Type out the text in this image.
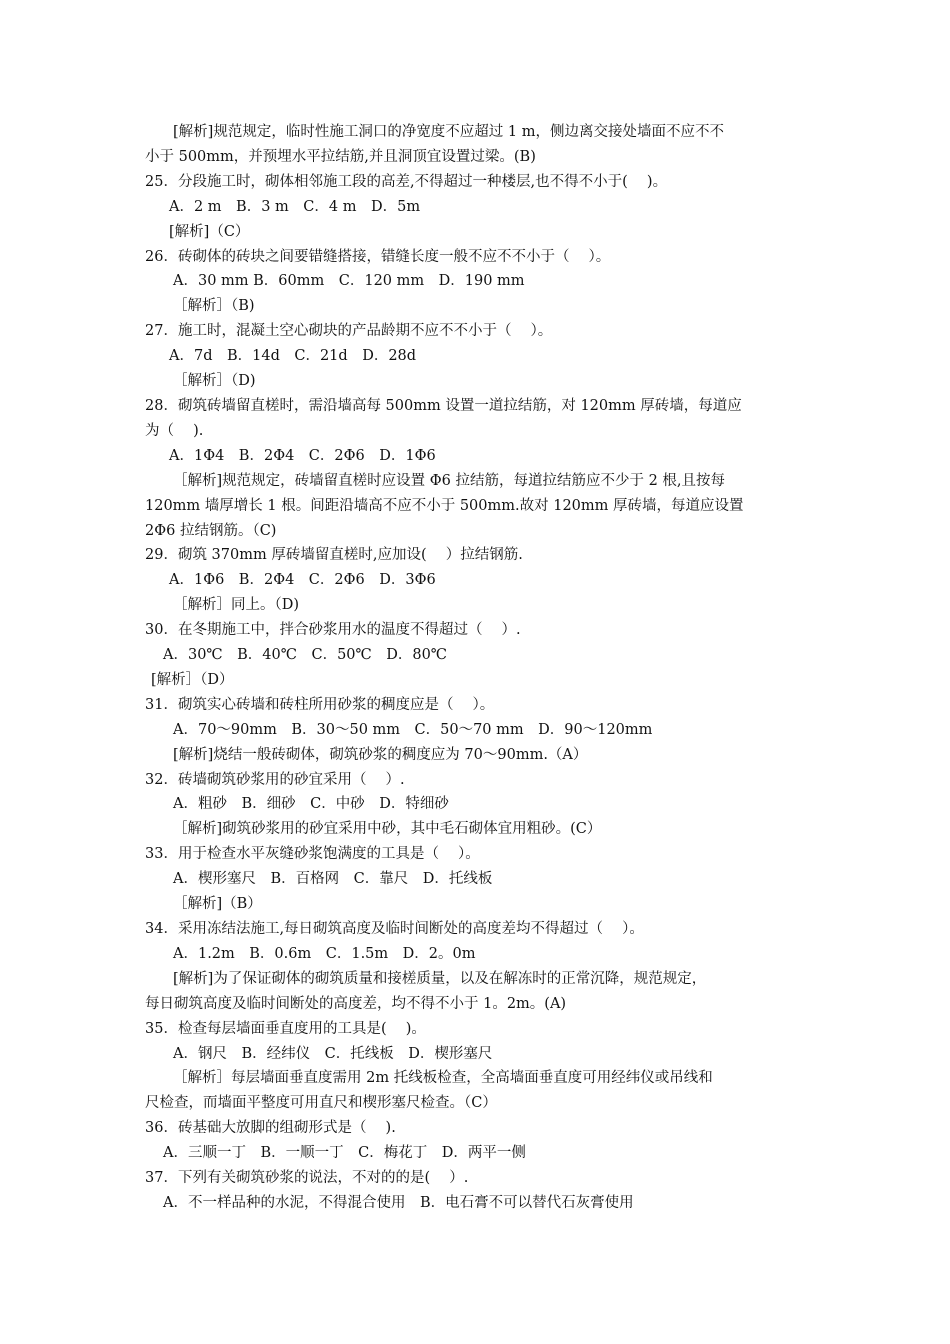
[解析]规范规定，临时性施工洞口的净宽度不应超过 1 m，侧边离交接处墙面不应不不
小于 500mm，并预埋水平拉结筋,并且洞顶宜设置过梁。(B)
25．分段施工时，砌体相邻施工段的高差,不得超过一种楼层,也不得不小于(　 )。
A．2 m　B．3 m　C．4 m　D．5m
[解析]（C）
26．砖砌体的砖块之间要错缝搭接，错缝长度一般不应不不小于（　 ）。
A．30 mm B．60mm　C．120 mm　D．190 mm
［解析］（B)
27．施工时，混凝土空心砌块的产品龄期不应不不小于（　 ）。
A．7d　B．14d　C．21d　D．28d
［解析］（D)
28．砌筑砖墙留直槎时，需沿墙高每 500mm 设置一道拉结筋，对 120mm 厚砖墙，每道应
为（　 ).
A．1Φ4　B．2Φ4　C．2Φ6　D．1Φ6
［解析]规范规定，砖墙留直槎时应设置 Φ6 拉结筋，每道拉结筋应不少于 2 根,且按每
120mm 墙厚增长 1 根。间距沿墙高不应不小于 500mm.故对 120mm 厚砖墙，每道应设置
2Φ6 拉结钢筋。（C)
29．砌筑 370mm 厚砖墙留直槎时,应加设(　 ）拉结钢筋.
A．1Φ6　B．2Φ4　C．2Φ6　D．3Φ6
［解析］同上。（D)
30．在冬期施工中，拌合砂浆用水的温度不得超过（　 ）.
A．30℃　B．40℃　C．50℃　D．80℃
[解析］（D）
31．砌筑实心砖墙和砖柱所用砂浆的稠度应是（　 ）。
A．70～90mm　B．30～50 mm　C．50～70 mm　D．90～120mm
[解析]烧结一般砖砌体，砌筑砂浆的稠度应为 70～90mm.（A）
32．砖墙砌筑砂浆用的砂宜采用（　 ）.
A．粗砂　B．细砂　C．中砂　D．特细砂
［解析]砌筑砂浆用的砂宜采用中砂，其中毛石砌体宜用粗砂。(C）
33．用于检查水平灰缝砂浆饱满度的工具是（　 ）。
A．楔形塞尺　B．百格网　C．靠尺　D．托线板
［解析]（B）
34．采用冻结法施工,每日砌筑高度及临时间断处的高度差均不得超过（　 ）。
A．1.2m　B．0.6m　C．1.5m　D．2。0m
[解析]为了保证砌体的砌筑质量和接槎质量，以及在解冻时的正常沉降，规范规定，
每日砌筑高度及临时间断处的高度差，均不得不小于 1。2m。(A)
35．检查每层墙面垂直度用的工具是(　 )。
A．钢尺　B．经纬仪　C．托线板　D．楔形塞尺
［解析］每层墙面垂直度需用 2m 托线板检查，全高墙面垂直度可用经纬仪或吊线和
尺检查，而墙面平整度可用直尺和楔形塞尺检查。（C）
36．砖基础大放脚的组砌形式是（　 ).
A．三顺一丁　B．一顺一丁　C．梅花丁　D．两平一侧
37．下列有关砌筑砂浆的说法，不对的的是(　 ）.
A．不一样品种的水泥，不得混合使用　B．电石膏不可以替代石灰膏使用
